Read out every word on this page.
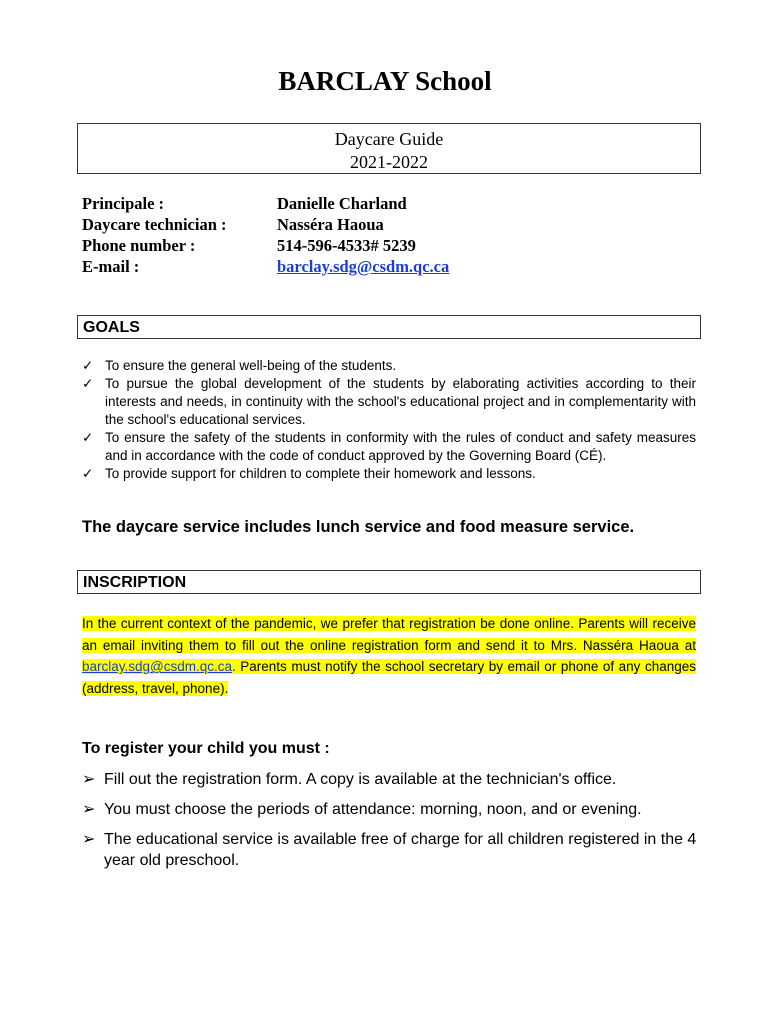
BARCLAY School
Daycare Guide
2021-2022
Principale :	Danielle Charland
Daycare technician :	Nasséra Haoua
Phone number :	514-596-4533# 5239
E-mail :	barclay.sdg@csdm.qc.ca
GOALS
✓ To ensure the general well-being of the students.
✓ To pursue the global development of the students by elaborating activities according to their interests and needs, in continuity with the school's educational project and in complementarity with the school's educational services.
✓ To ensure the safety of the students in conformity with the rules of conduct and safety measures and in accordance with the code of conduct approved by the Governing Board (CÉ).
✓ To provide support for children to complete their homework and lessons.
The daycare service includes lunch service and food measure service.
INSCRIPTION
In the current context of the pandemic, we prefer that registration be done online. Parents will receive an email inviting them to fill out the online registration form and send it to Mrs. Nasséra Haoua at barclay.sdg@csdm.qc.ca. Parents must notify the school secretary by email or phone of any changes (address, travel, phone).
To register your child you must :
➢ Fill out the registration form. A copy is available at the technician's office.
➢ You must choose the periods of attendance: morning, noon, and or evening.
➢ The educational service is available free of charge for all children registered in the 4 year old preschool.
